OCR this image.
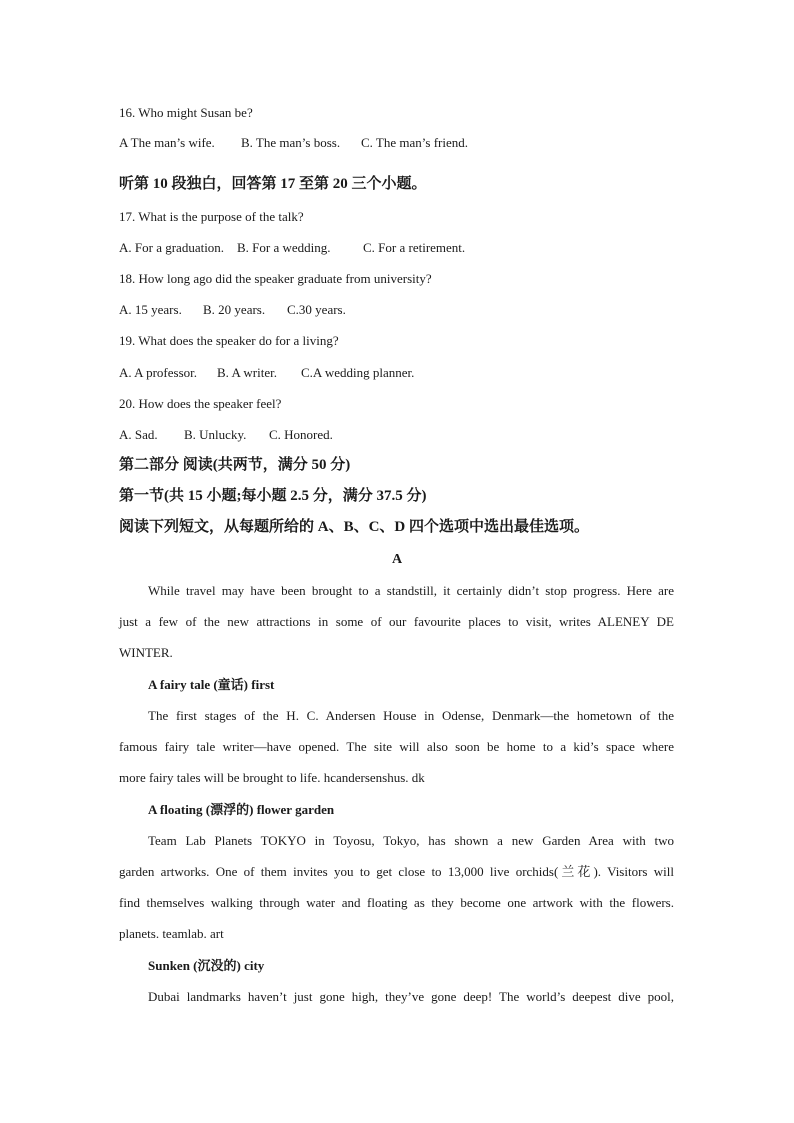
16. Who might Susan be?
A The man’s wife. B. The man’s boss. C. The man’s friend.
听第 10 段独白，回答第 17 至第 20 三个小题。
17. What is the purpose of the talk?
A. For a graduation. B. For a wedding. C. For a retirement.
18. How long ago did the speaker graduate from university?
A. 15 years. B. 20 years. C.30 years.
19. What does the speaker do for a living?
A. A professor. B. A writer. C.A wedding planner.
20. How does the speaker feel?
A. Sad. B. Unlucky. C. Honored.
第二部分 阅读(共两节，满分 50 分)
第一节(共 15 小题;每小题 2.5 分，满分 37.5 分)
阅读下列短文，从每题所给的 A、B、C、D 四个选项中选出最佳选项。
A
While travel may have been brought to a standstill, it certainly didn’t stop progress. Here are
just a few of the new attractions in some of our favourite places to visit, writes ALENEY DE
WINTER.
A fairy tale (童话) first
The first stages of the H. C. Andersen House in Odense, Denmark—the hometown of the
famous fairy tale writer—have opened. The site will also soon be home to a kid’s space where
more fairy tales will be brought to life. hcandersenshus. dk
A floating (漂浮的) flower garden
Team Lab Planets TOKYO in Toyosu, Tokyo, has shown a new Garden Area with two
garden artworks. One of them invites you to get close to 13,000 live orchids(兰花). Visitors will
find themselves walking through water and floating as they become one artwork with the flowers.
planets. teamlab. art
Sunken (沉没的) city
Dubai landmarks haven’t just gone high, they’ve gone deep! The world’s deepest dive pool,
